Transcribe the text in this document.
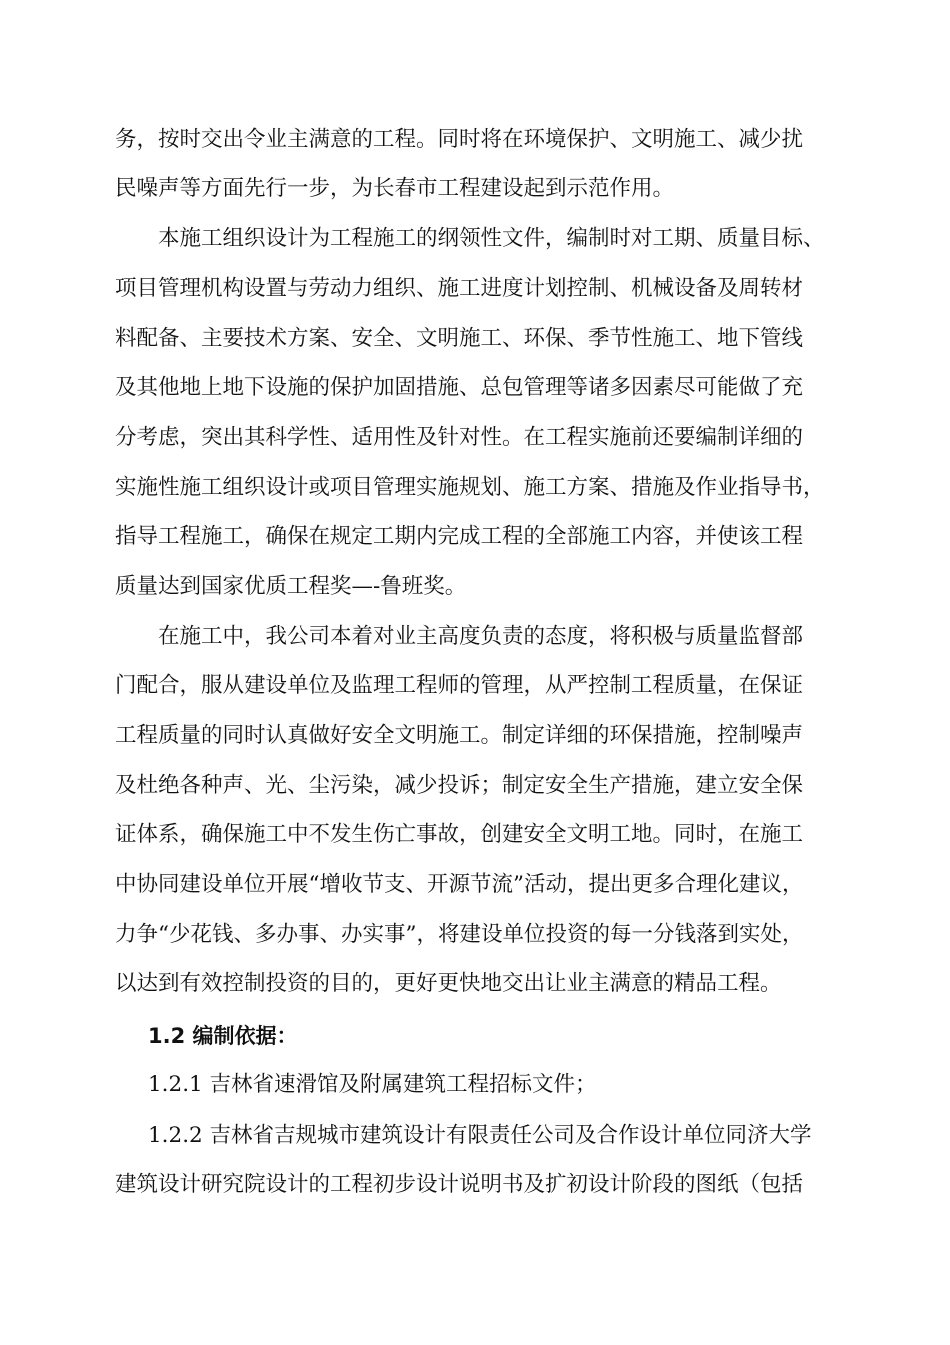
务，按时交出令业主满意的工程。同时将在环境保护、文明施工、减少扰
民噪声等方面先行一步，为长春市工程建设起到示范作用。
本施工组织设计为工程施工的纲领性文件，编制时对工期、质量目标、
项目管理机构设置与劳动力组织、施工进度计划控制、机械设备及周转材
料配备、主要技术方案、安全、文明施工、环保、季节性施工、地下管线
及其他地上地下设施的保护加固措施、总包管理等诸多因素尽可能做了充
分考虑，突出其科学性、适用性及针对性。在工程实施前还要编制详细的
实施性施工组织设计或项目管理实施规划、施工方案、措施及作业指导书，
指导工程施工，确保在规定工期内完成工程的全部施工内容，并使该工程
质量达到国家优质工程奖—-鲁班奖。
在施工中，我公司本着对业主高度负责的态度，将积极与质量监督部
门配合，服从建设单位及监理工程师的管理，从严控制工程质量，在保证
工程质量的同时认真做好安全文明施工。制定详细的环保措施，控制噪声
及杜绝各种声、光、尘污染，减少投诉；制定安全生产措施，建立安全保
证体系，确保施工中不发生伤亡事故，创建安全文明工地。同时，在施工
中协同建设单位开展“增收节支、开源节流”活动，提出更多合理化建议，
力争“少花钱、多办事、办实事”，将建设单位投资的每一分钱落到实处，
以达到有效控制投资的目的，更好更快地交出让业主满意的精品工程。
1.2 编制依据：
1.2.1 吉林省速滑馆及附属建筑工程招标文件；
1.2.2 吉林省吉规城市建筑设计有限责任公司及合作设计单位同济大学
建筑设计研究院设计的工程初步设计说明书及扩初设计阶段的图纸（包括
